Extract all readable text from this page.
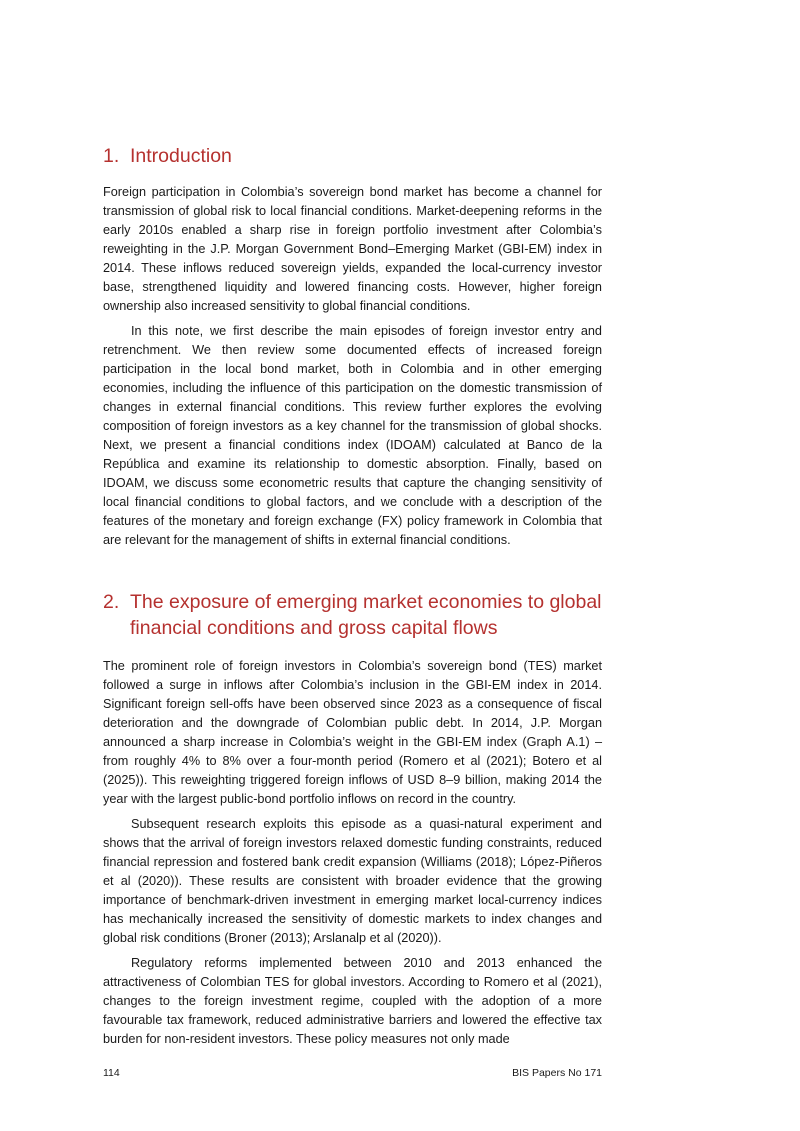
1. Introduction

Foreign participation in Colombia’s sovereign bond market has become a channel for transmission of global risk to local financial conditions. Market-deepening reforms in the early 2010s enabled a sharp rise in foreign portfolio investment after Colombia’s reweighting in the J.P. Morgan Government Bond–Emerging Market (GBI-EM) index in 2014. These inflows reduced sovereign yields, expanded the local-currency investor base, strengthened liquidity and lowered financing costs. However, higher foreign ownership also increased sensitivity to global financial conditions.

In this note, we first describe the main episodes of foreign investor entry and retrenchment. We then review some documented effects of increased foreign participation in the local bond market, both in Colombia and in other emerging economies, including the influence of this participation on the domestic transmission of changes in external financial conditions. This review further explores the evolving composition of foreign investors as a key channel for the transmission of global shocks. Next, we present a financial conditions index (IDOAM) calculated at Banco de la República and examine its relationship to domestic absorption. Finally, based on IDOAM, we discuss some econometric results that capture the changing sensitivity of local financial conditions to global factors, and we conclude with a description of the features of the monetary and foreign exchange (FX) policy framework in Colombia that are relevant for the management of shifts in external financial conditions.

2. The exposure of emerging market economies to global financial conditions and gross capital flows

The prominent role of foreign investors in Colombia’s sovereign bond (TES) market followed a surge in inflows after Colombia’s inclusion in the GBI-EM index in 2014. Significant foreign sell-offs have been observed since 2023 as a consequence of fiscal deterioration and the downgrade of Colombian public debt. In 2014, J.P. Morgan announced a sharp increase in Colombia’s weight in the GBI-EM index (Graph A.1) – from roughly 4% to 8% over a four-month period (Romero et al (2021); Botero et al (2025)). This reweighting triggered foreign inflows of USD 8–9 billion, making 2014 the year with the largest public-bond portfolio inflows on record in the country.

Subsequent research exploits this episode as a quasi-natural experiment and shows that the arrival of foreign investors relaxed domestic funding constraints, reduced financial repression and fostered bank credit expansion (Williams (2018); López-Piñeros et al (2020)). These results are consistent with broader evidence that the growing importance of benchmark-driven investment in emerging market local-currency indices has mechanically increased the sensitivity of domestic markets to index changes and global risk conditions (Broner (2013); Arslanalp et al (2020)).

Regulatory reforms implemented between 2010 and 2013 enhanced the attractiveness of Colombian TES for global investors. According to Romero et al (2021), changes to the foreign investment regime, coupled with the adoption of a more favourable tax framework, reduced administrative barriers and lowered the effective tax burden for non-resident investors. These policy measures not only made

114	BIS Papers No 171
